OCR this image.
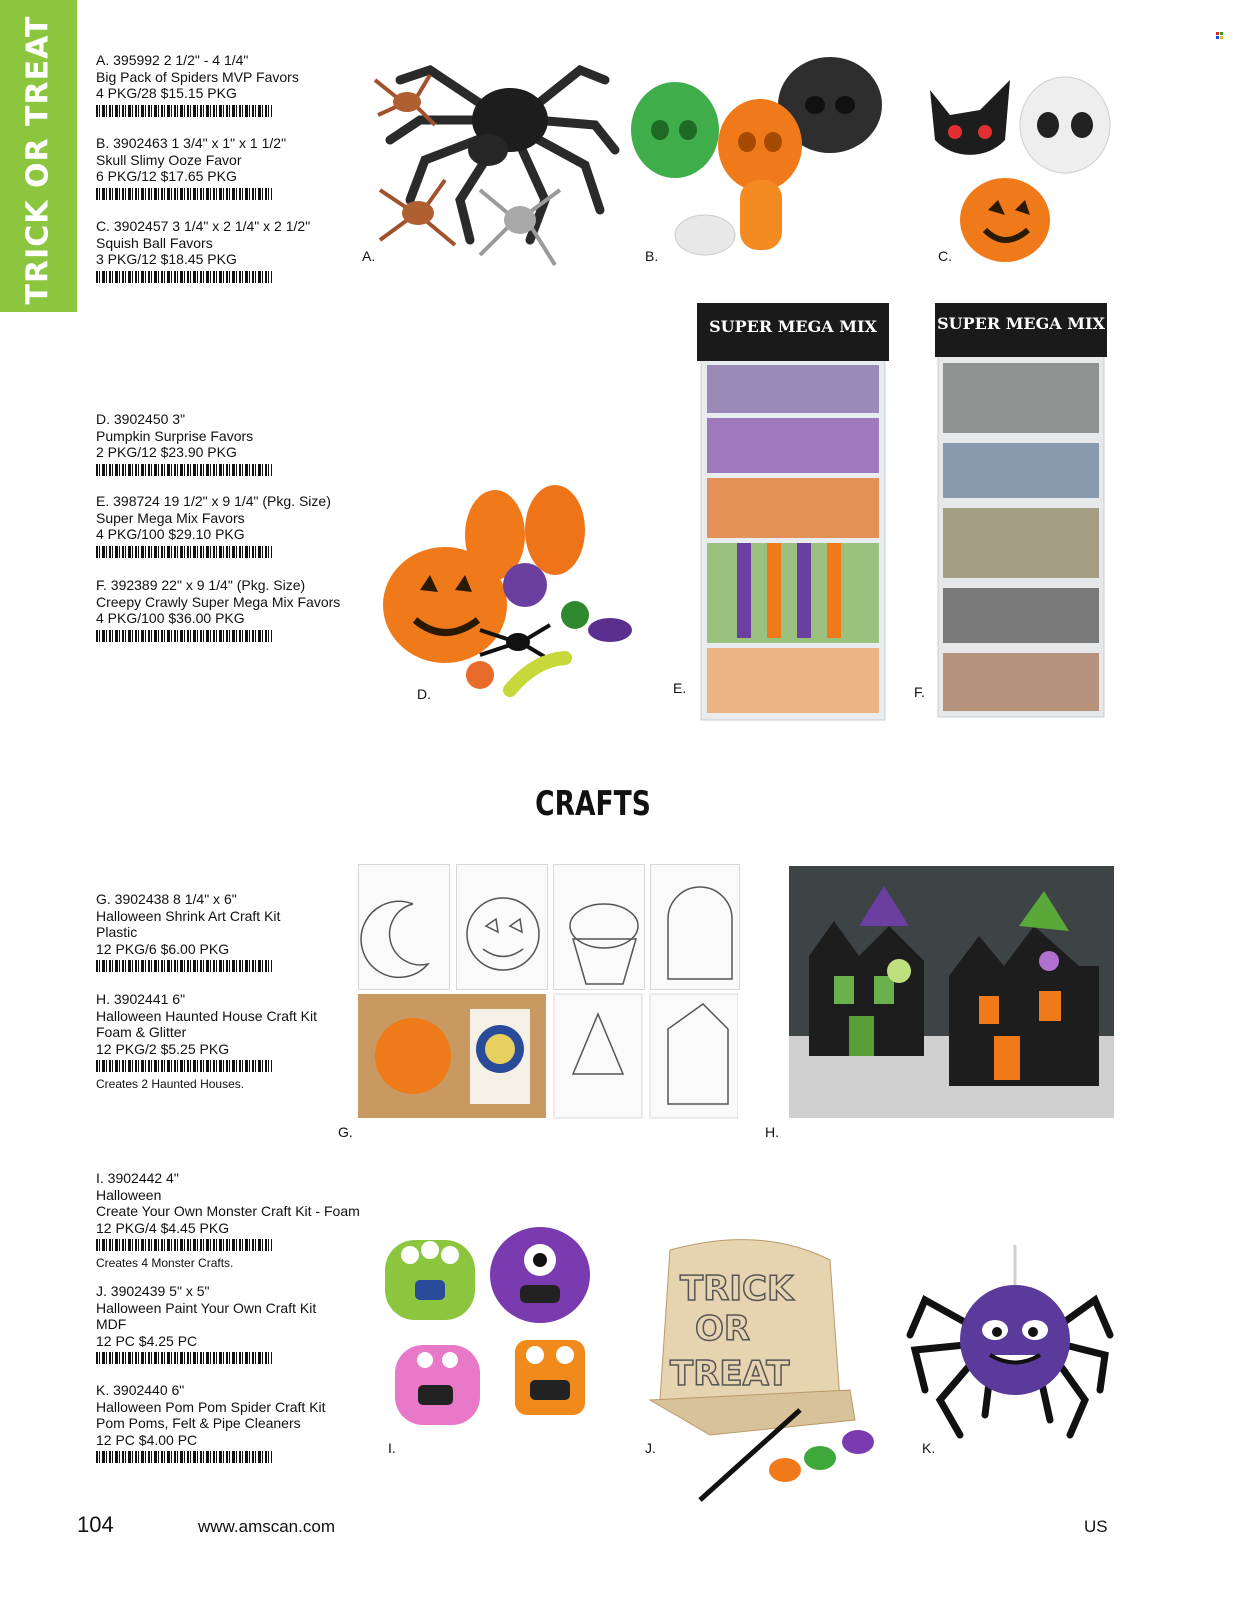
TRICK OR TREAT	A. 395992 2 1/2" - 4 1/4"
Big Pack of Spiders MVP Favors
4 PKG/28 $15.15 PKG
B. 3902463 1 3/4" x 1" x 1 1/2"
Skull Slimy Ooze Favor
6 PKG/12 $17.65 PKG
C. 3902457 3 1/4" x 2 1/4" x 2 1/2"
Squish Ball Favors
3 PKG/12 $18.45 PKG
D. 3902450 3"
Pumpkin Surprise Favors
2 PKG/12 $23.90 PKG
E. 398724 19 1/2" x 9 1/4" (Pkg. Size)
Super Mega Mix Favors
4 PKG/100 $29.10 PKG
F. 392389 22" x 9 1/4" (Pkg. Size)
Creepy Crawly Super Mega Mix Favors
4 PKG/100 $36.00 PKG
CRAFTS
G. 3902438 8 1/4" x 6"
Halloween Shrink Art Craft Kit
Plastic
12 PKG/6 $6.00 PKG
H. 3902441 6"
Halloween Haunted House Craft Kit
Foam & Glitter
12 PKG/2 $5.25 PKG
Creates 2 Haunted Houses.
I. 3902442 4"
Halloween
Create Your Own Monster Craft Kit - Foam
12 PKG/4 $4.45 PKG
Creates 4 Monster Crafts.
J. 3902439 5" x 5"
Halloween Paint Your Own Craft Kit
MDF
12 PC $4.25 PC
K. 3902440 6"
Halloween Pom Pom Spider Craft Kit
Pom Poms, Felt & Pipe Cleaners
12 PC $4.00 PC
A.	B.	C.
D.
SUPER MEGA MIX
E.
SUPER MEGA MIX
F.
G.	H.
I.
TRICK
OR
TREAT
J.	K.
104	www.amscan.com	US
